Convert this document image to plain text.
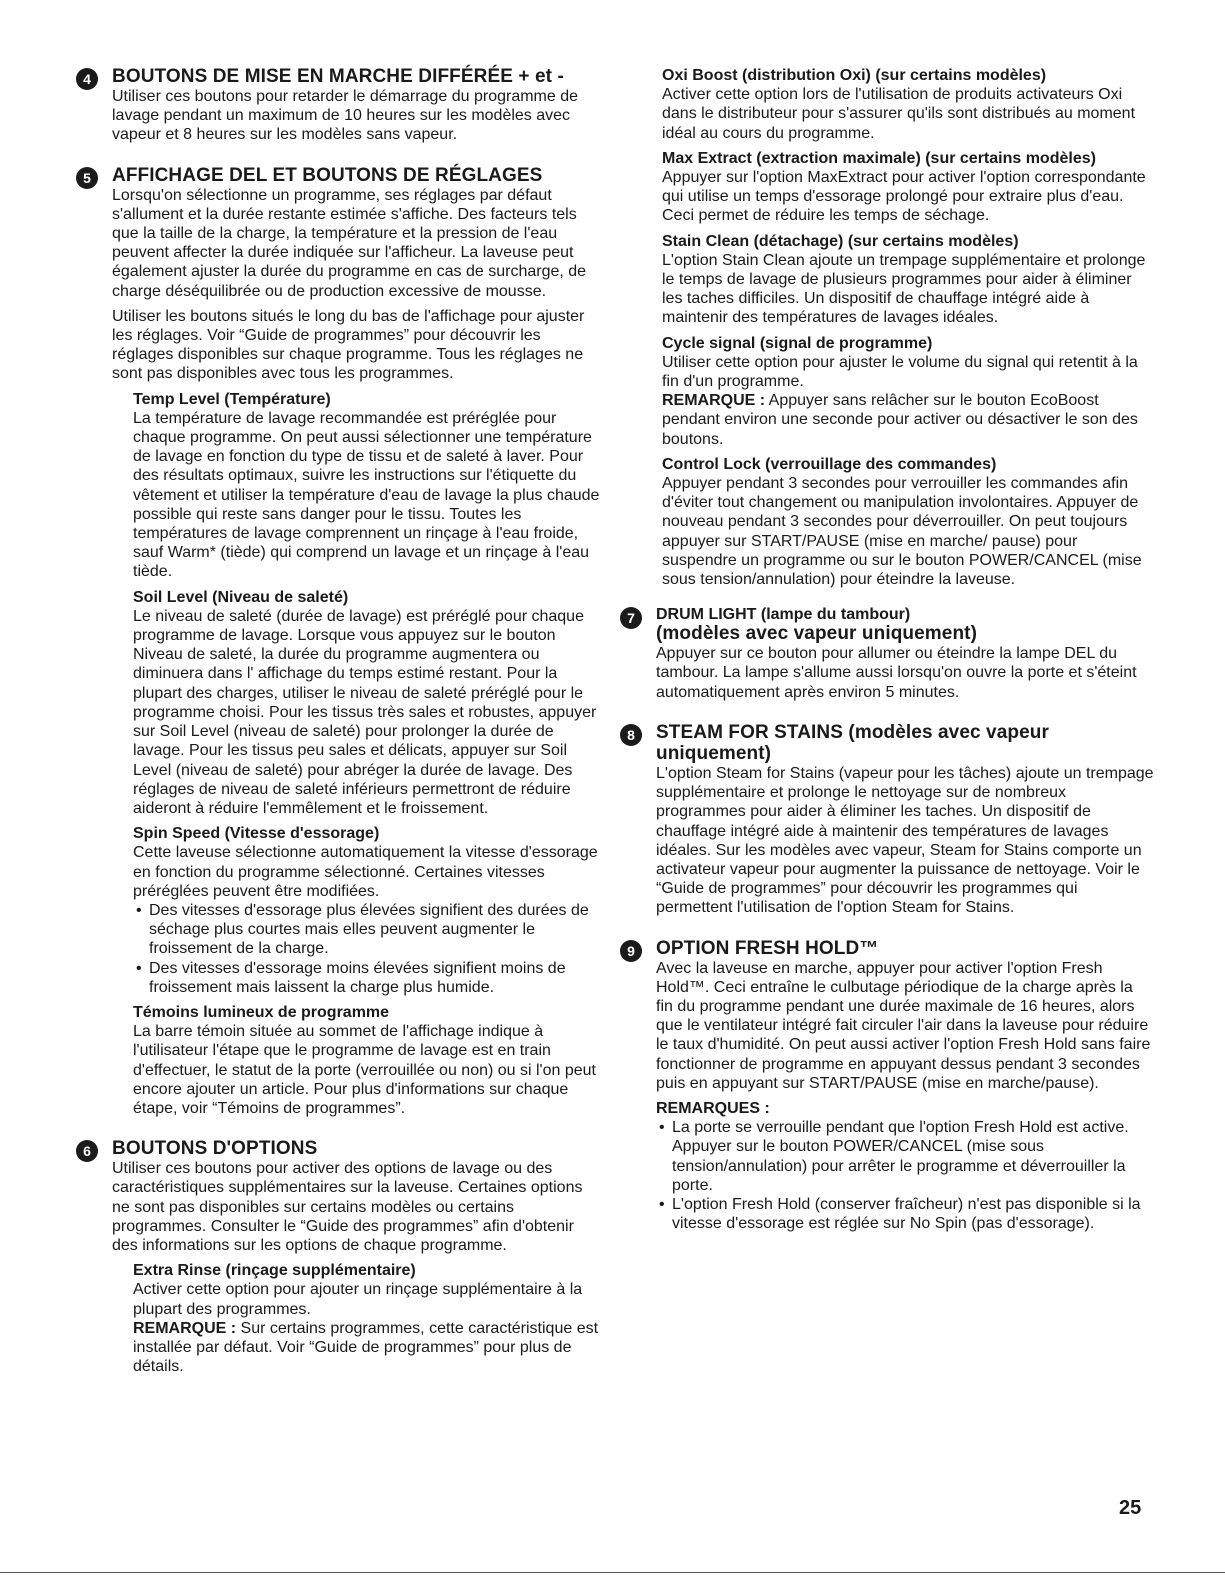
4	BOUTONS DE MISE EN MARCHE DIFFÉRÉE + et -

Utiliser ces boutons pour retarder le démarrage du programme de lavage pendant un maximum de 10 heures sur les modèles avec vapeur et 8 heures sur les modèles sans vapeur.

5	AFFICHAGE DEL ET BOUTONS DE RÉGLAGES

Lorsqu'on sélectionne un programme, ses réglages par défaut s'allument et la durée restante estimée s'affiche. Des facteurs tels que la taille de la charge, la température et la pression de l'eau peuvent affecter la durée indiquée sur l'afficheur. La laveuse peut également ajuster la durée du programme en cas de surcharge, de charge déséquilibrée ou de production excessive de mousse.

Utiliser les boutons situés le long du bas de l'affichage pour ajuster les réglages. Voir “Guide de programmes” pour découvrir les réglages disponibles sur chaque programme. Tous les réglages ne sont pas disponibles avec tous les programmes.

Temp Level (Température)

La température de lavage recommandée est préréglée pour chaque programme. On peut aussi sélectionner une température de lavage en fonction du type de tissu et de saleté à laver. Pour des résultats optimaux, suivre les instructions sur l'étiquette du vêtement et utiliser la température d'eau de lavage la plus chaude possible qui reste sans danger pour le tissu. Toutes les températures de lavage comprennent un rinçage à l'eau froide, sauf Warm* (tiède) qui comprend un lavage et un rinçage à l'eau tiède.

Soil Level (Niveau de saleté)

Le niveau de saleté (durée de lavage) est préréglé pour chaque programme de lavage. Lorsque vous appuyez sur le bouton Niveau de saleté, la durée du programme augmentera ou diminuera dans l' affichage du temps estimé restant. Pour la plupart des charges, utiliser le niveau de saleté préréglé pour le programme choisi. Pour les tissus très sales et robustes, appuyer sur Soil Level (niveau de saleté) pour prolonger la durée de lavage. Pour les tissus peu sales et délicats, appuyer sur Soil Level (niveau de saleté) pour abréger la durée de lavage. Des réglages de niveau de saleté inférieurs permettront de réduire aideront à réduire l'emmêlement et le froissement.

Spin Speed (Vitesse d'essorage)

Cette laveuse sélectionne automatiquement la vitesse d'essorage en fonction du programme sélectionné. Certaines vitesses préréglées peuvent être modifiées.

• Des vitesses d'essorage plus élevées signifient des durées de séchage plus courtes mais elles peuvent augmenter le froissement de la charge.
• Des vitesses d'essorage moins élevées signifient moins de froissement mais laissent la charge plus humide.
Témoins lumineux de programme

La barre témoin située au sommet de l'affichage indique à l'utilisateur l'étape que le programme de lavage est en train d'effectuer, le statut de la porte (verrouillée ou non) ou si l'on peut encore ajouter un article. Pour plus d'informations sur chaque étape, voir “Témoins de programmes”.

6	BOUTONS D'OPTIONS

Utiliser ces boutons pour activer des options de lavage ou des caractéristiques supplémentaires sur la laveuse. Certaines options ne sont pas disponibles sur certains modèles ou certains programmes. Consulter le “Guide des programmes” afin d'obtenir des informations sur les options de chaque programme.

Extra Rinse (rinçage supplémentaire)

Activer cette option pour ajouter un rinçage supplémentaire à la plupart des programmes.

REMARQUE : Sur certains programmes, cette caractéristique est installée par défaut. Voir “Guide de programmes” pour plus de détails.

Oxi Boost (distribution Oxi) (sur certains modèles)

Activer cette option lors de l'utilisation de produits activateurs Oxi dans le distributeur pour s'assurer qu'ils sont distribués au moment idéal au cours du programme.

Max Extract (extraction maximale) (sur certains modèles)

Appuyer sur l'option MaxExtract pour activer l'option correspondante qui utilise un temps d'essorage prolongé pour extraire plus d'eau. Ceci permet de réduire les temps de séchage.

Stain Clean (détachage) (sur certains modèles)

L'option Stain Clean ajoute un trempage supplémentaire et prolonge le temps de lavage de plusieurs programmes pour aider à éliminer les taches difficiles. Un dispositif de chauffage intégré aide à maintenir des températures de lavages idéales.

Cycle signal (signal de programme)

Utiliser cette option pour ajuster le volume du signal qui retentit à la fin d'un programme.

REMARQUE : Appuyer sans relâcher sur le bouton EcoBoost pendant environ une seconde pour activer ou désactiver le son des boutons.

Control Lock (verrouillage des commandes)

Appuyer pendant 3 secondes pour verrouiller les commandes afin d'éviter tout changement ou manipulation involontaires. Appuyer de nouveau pendant 3 secondes pour déverrouiller. On peut toujours appuyer sur START/PAUSE (mise en marche/ pause) pour suspendre un programme ou sur le bouton POWER/CANCEL (mise sous tension/annulation) pour éteindre la laveuse.

7	DRUM LIGHT (lampe du tambour)
(modèles avec vapeur uniquement)

Appuyer sur ce bouton pour allumer ou éteindre la lampe DEL du tambour. La lampe s'allume aussi lorsqu'on ouvre la porte et s'éteint automatiquement après environ 5 minutes.

8	STEAM FOR STAINS (modèles avec vapeur uniquement)

L'option Steam for Stains (vapeur pour les tâches) ajoute un trempage supplémentaire et prolonge le nettoyage sur de nombreux programmes pour aider à éliminer les taches. Un dispositif de chauffage intégré aide à maintenir des températures de lavages idéales. Sur les modèles avec vapeur, Steam for Stains comporte un activateur vapeur pour augmenter la puissance de nettoyage. Voir le “Guide de programmes” pour découvrir les programmes qui permettent l'utilisation de l'option Steam for Stains.

9	OPTION FRESH HOLD™

Avec la laveuse en marche, appuyer pour activer l'option Fresh Hold™. Ceci entraîne le culbutage périodique de la charge après la fin du programme pendant une durée maximale de 16 heures, alors que le ventilateur intégré fait circuler l'air dans la laveuse pour réduire le taux d'humidité. On peut aussi activer l'option Fresh Hold sans faire fonctionner de programme en appuyant dessus pendant 3 secondes puis en appuyant sur START/PAUSE (mise en marche/pause).

REMARQUES :
• La porte se verrouille pendant que l'option Fresh Hold est active. Appuyer sur le bouton POWER/CANCEL (mise sous tension/annulation) pour arrêter le programme et déverrouiller la porte.
• L'option Fresh Hold (conserver fraîcheur) n'est pas disponible si la vitesse d'essorage est réglée sur No Spin (pas d'essorage).
25
